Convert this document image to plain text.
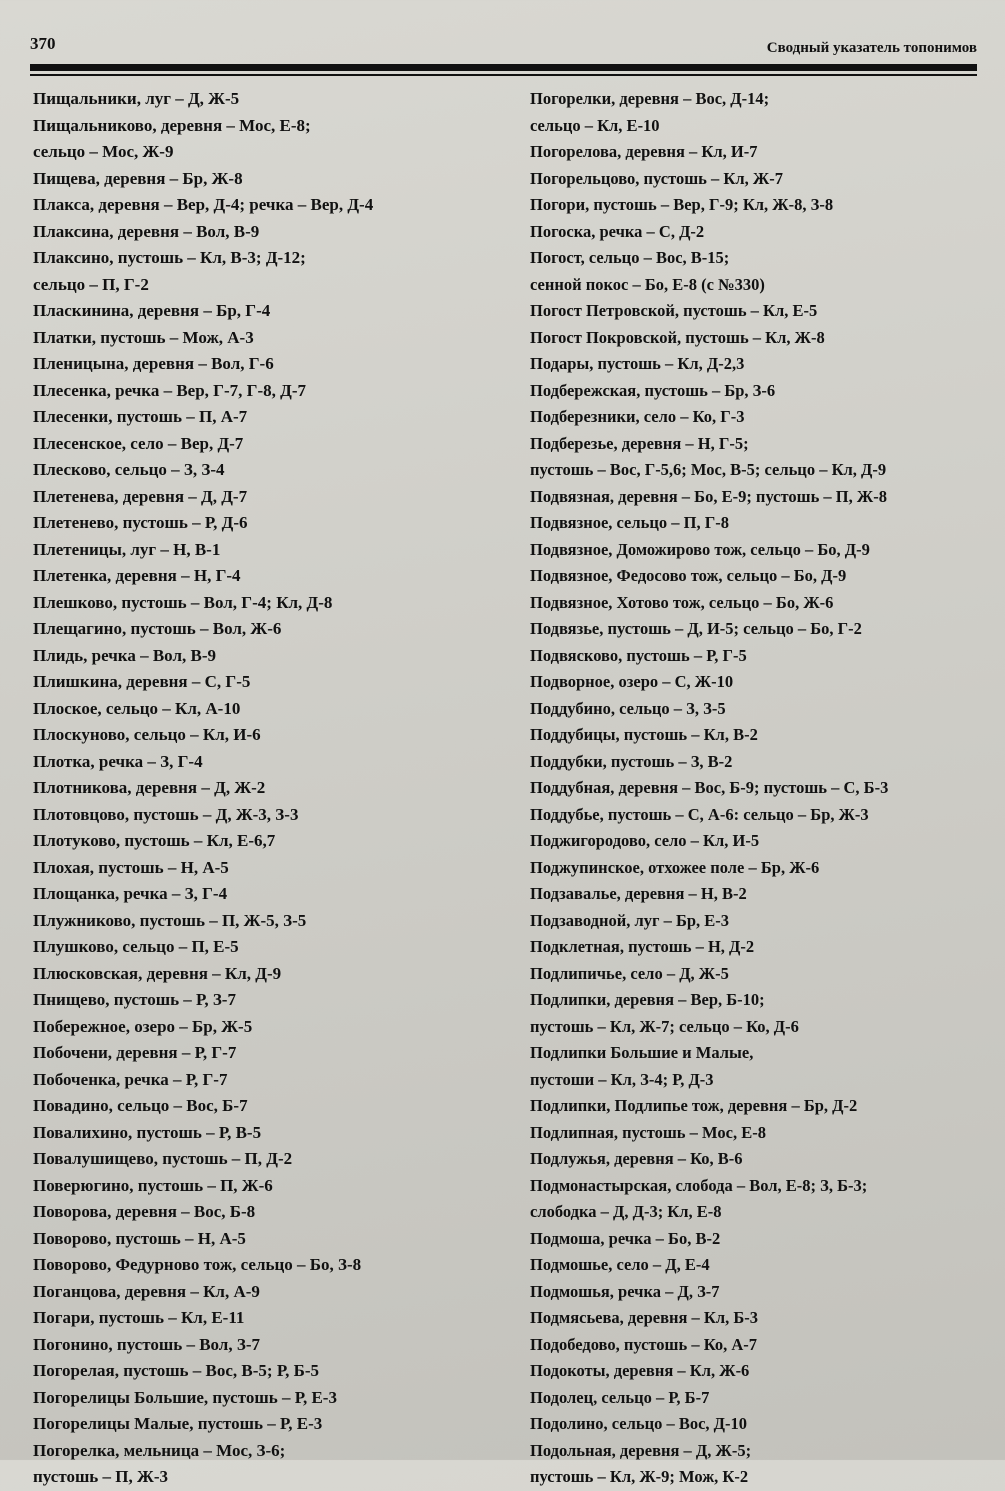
370	Сводный указатель топонимов
Пищальники, луг – Д, Ж-5
Пищальниково, деревня – Мос, Е-8;
сельцо – Мос, Ж-9
Пищева, деревня – Бр, Ж-8
Плакса, деревня – Вер, Д-4; речка – Вер, Д-4
Плаксина, деревня – Вол, В-9
Плаксино, пустошь – Кл, В-3; Д-12;
сельцо – П, Г-2
Пласкинина, деревня – Бр, Г-4
Платки, пустошь – Мож, А-3
Пленицына, деревня – Вол, Г-6
Плесенка, речка – Вер, Г-7, Г-8, Д-7
Плесенки, пустошь – П, А-7
Плесенское, село – Вер, Д-7
Плесково, сельцо – З, З-4
Плетенева, деревня – Д, Д-7
Плетенево, пустошь – Р, Д-6
Плетеницы, луг – Н, В-1
Плетенка, деревня – Н, Г-4
Плешково, пустошь – Вол, Г-4; Кл, Д-8
Плещагино, пустошь – Вол, Ж-6
Плидь, речка – Вол, В-9
Плишкина, деревня – С, Г-5
Плоское, сельцо – Кл, А-10
Плоскуново, сельцо – Кл, И-6
Плотка, речка – З, Г-4
Плотникова, деревня – Д, Ж-2
Плотовцово, пустошь – Д, Ж-3, З-3
Плотуково, пустошь – Кл, Е-6,7
Плохая, пустошь – Н, А-5
Площанка, речка – З, Г-4
Плужниково, пустошь – П, Ж-5, З-5
Плушково, сельцо – П, Е-5
Плюсковская, деревня – Кл, Д-9
Пнищево, пустошь – Р, З-7
Побережное, озеро – Бр, Ж-5
Побочени, деревня – Р, Г-7
Побоченка, речка – Р, Г-7
Повадино, сельцо – Вос, Б-7
Повалихино, пустошь – Р, В-5
Повалушищево, пустошь – П, Д-2
Поверюгино, пустошь – П, Ж-6
Поворова, деревня – Вос, Б-8
Поворово, пустошь – Н, А-5
Поворово, Федурново тож, сельцо – Бо, З-8
Поганцова, деревня – Кл, А-9
Погари, пустошь – Кл, Е-11
Погонино, пустошь – Вол, З-7
Погорелая, пустошь – Вос, В-5; Р, Б-5
Погорелицы Большие, пустошь – Р, Е-3
Погорелицы Малые, пустошь – Р, Е-3
Погорелка, мельница – Мос, З-6;
пустошь – П, Ж-3
Погорелки, деревня – Вос, Д-14;
сельцо – Кл, Е-10
Погорелова, деревня – Кл, И-7
Погорельцово, пустошь – Кл, Ж-7
Погори, пустошь – Вер, Г-9; Кл, Ж-8, З-8
Погоска, речка – С, Д-2
Погост, сельцо – Вос, В-15;
сенной покос – Бо, Е-8 (с №330)
Погост Петровской, пустошь – Кл, Е-5
Погост Покровской, пустошь – Кл, Ж-8
Подары, пустошь – Кл, Д-2,3
Подбережская, пустошь – Бр, З-6
Подберезники, село – Ко, Г-3
Подберезье, деревня – Н, Г-5;
пустошь – Вос, Г-5,6; Мос, В-5; сельцо – Кл, Д-9
Подвязная, деревня – Бо, Е-9; пустошь – П, Ж-8
Подвязное, сельцо – П, Г-8
Подвязное, Доможирово тож, сельцо – Бо, Д-9
Подвязное, Федосово тож, сельцо – Бо, Д-9
Подвязное, Хотово тож, сельцо – Бо, Ж-6
Подвязье, пустошь – Д, И-5; сельцо – Бо, Г-2
Подвясково, пустошь – Р, Г-5
Подворное, озеро – С, Ж-10
Поддубино, сельцо – З, З-5
Поддубицы, пустошь – Кл, В-2
Поддубки, пустошь – З, В-2
Поддубная, деревня – Вос, Б-9; пустошь – С, Б-3
Поддубье, пустошь – С, А-6: сельцо – Бр, Ж-3
Поджигородово, село – Кл, И-5
Поджупинское, отхожее поле – Бр, Ж-6
Подзавалье, деревня – Н, В-2
Подзаводной, луг – Бр, Е-3
Подклетная, пустошь – Н, Д-2
Подлипичье, село – Д, Ж-5
Подлипки, деревня – Вер, Б-10;
пустошь – Кл, Ж-7; сельцо – Ко, Д-6
Подлипки Большие и Малые,
пустоши – Кл, З-4; Р, Д-3
Подлипки, Подлипье тож, деревня – Бр, Д-2
Подлипная, пустошь – Мос, Е-8
Подлужья, деревня – Ко, В-6
Подмонастырская, слобода – Вол, Е-8; З, Б-3;
слободка – Д, Д-3; Кл, Е-8
Подмоша, речка – Бо, В-2
Подмошье, село – Д, Е-4
Подмошья, речка – Д, З-7
Подмясьева, деревня – Кл, Б-3
Подобедово, пустошь – Ко, А-7
Подокоты, деревня – Кл, Ж-6
Подолец, сельцо – Р, Б-7
Подолино, сельцо – Вос, Д-10
Подольная, деревня – Д, Ж-5;
пустошь – Кл, Ж-9; Мож, К-2
